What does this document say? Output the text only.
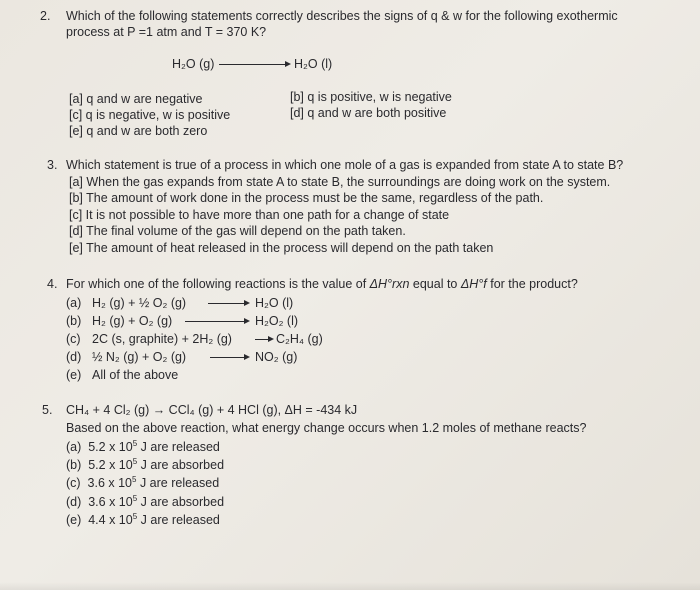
2. Which of the following statements correctly describes the signs of q & w for the following exothermic
process at P =1 atm and T = 370 K?
H₂O (g)	H₂O (l)
[a] q and w are negative	[b] q is positive, w is negative
[c] q is negative, w is positive	[d] q and w are both positive
[e] q and w are both zero
3. Which statement is true of a process in which one mole of a gas is expanded from state A to state B?
[a] When the gas expands from state A to state B, the surroundings are doing work on the system.
[b] The amount of work done in the process must be the same, regardless of the path.
[c] It is not possible to have more than one path for a change of state
[d] The final volume of the gas will depend on the path taken.
[e] The amount of heat released in the process will depend on the path taken
4. For which one of the following reactions is the value of ΔH°rxn equal to ΔH°f for the product?
(a) H₂ (g) + ½ O₂ (g)	H₂O (l)
(b) H₂ (g) + O₂ (g)	H₂O₂ (l)
(c) 2C (s, graphite) + 2H₂ (g)	C₂H₄ (g)
(d) ½ N₂ (g) + O₂ (g)	NO₂ (g)
(e) All of the above
5. CH₄ + 4 Cl₂ (g) → CCl₄ (g) + 4 HCl (g), ΔH = -434 kJ
Based on the above reaction, what energy change occurs when 1.2 moles of methane reacts?
(a) 5.2 x $10^5$ J are released
(b) 5.2 x $10^5$ J are absorbed
(c) 3.6 x $10^5$ J are released
(d) 3.6 x $10^5$ J are absorbed
(e) 4.4 x $10^5$ J are released
